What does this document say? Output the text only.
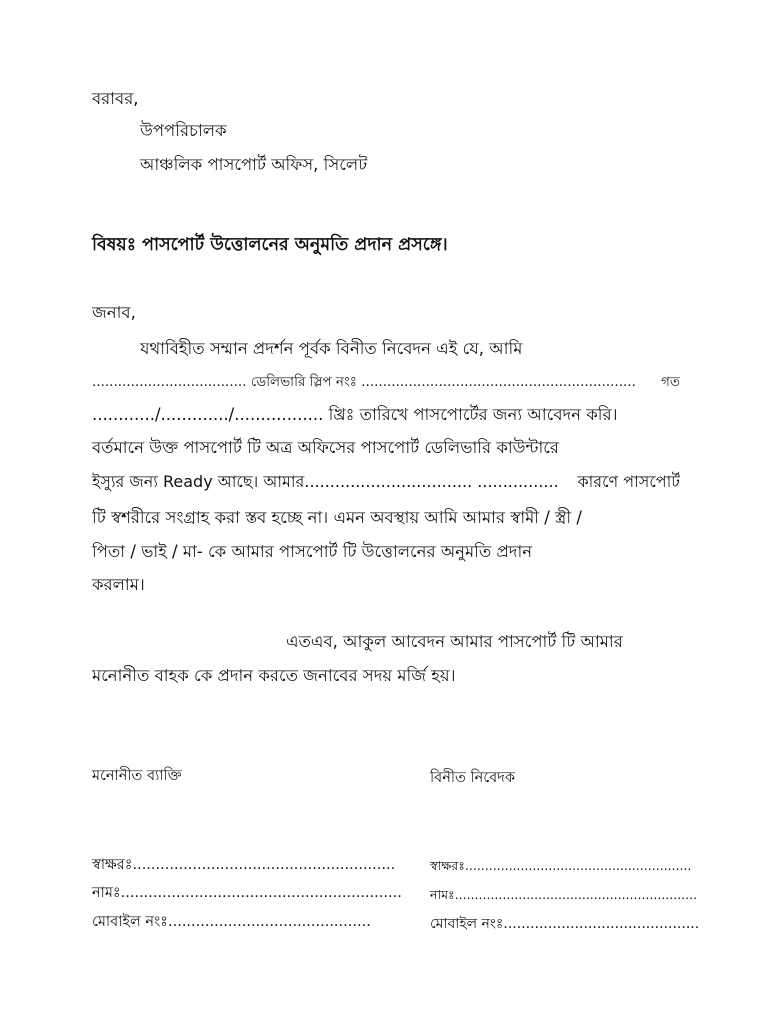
বরাবর,
উপপরিচালক
আঞ্চলিক পাসপোর্ট অফিস, সিলেট
বিষয়ঃ পাসপোর্ট উত্তোলনের অনুমতি প্রদান প্রসঙ্গে।
জনাব,
যথাবিহীত সম্মান প্রদর্শন পূর্বক বিনীত নিবেদন এই যে, আমি
.................................... ডেলিভারি স্লিপ নংঃ ................................................................ গত
............/............./................. খ্রিঃ তারিখে পাসপোর্টের জন্য আবেদন করি।
বর্তমানে উক্ত পাসপোর্ট টি অত্র অফিসের পাসপোর্ট ডেলিভারি কাউন্টারে
ইস্যুর জন্য Ready আছে। আমার................................. ................ কারণে পাসপোর্ট
টি স্বশরীরে সংগ্রাহ করা স্তব হচ্ছে না। এমন অবস্থায় আমি আমার স্বামী / স্ত্রী /
পিতা / ভাই / মা- কে আমার পাসপোর্ট টি উত্তোলনের অনুমতি প্রদান
করলাম।
এতএব, আকুল আবেদন আমার পাসপোর্ট টি আমার
মনোনীত বাহক কে প্রদান করতে জনাবের সদয় মর্জি হয়।
মনোনীত ব্যাক্তি	বিনীত নিবেদক
স্বাক্ষরঃ.........................................................
নামঃ.............................................................
মোবাইল নংঃ............................................
স্বাক্ষরঃ.........................................................
নামঃ.............................................................
মোবাইল নংঃ............................................
